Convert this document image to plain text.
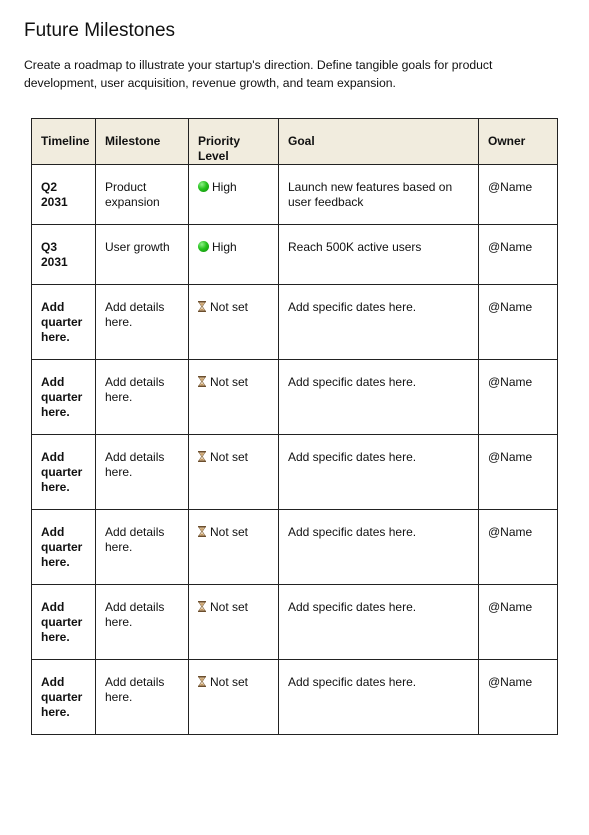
Future Milestones

Create a roadmap to illustrate your startup's direction. Define tangible goals for product development, user acquisition, revenue growth, and team expansion.

Timeline	Milestone	Priority Level	Goal	Owner
Q2 2031	Product expansion	High	Launch new features based on user feedback	@Name
Q3 2031	User growth	High	Reach 500K active users	@Name
Add quarter here.	Add details here.	Not set	Add specific dates here.	@Name
Add quarter here.	Add details here.	Not set	Add specific dates here.	@Name
Add quarter here.	Add details here.	Not set	Add specific dates here.	@Name
Add quarter here.	Add details here.	Not set	Add specific dates here.	@Name
Add quarter here.	Add details here.	Not set	Add specific dates here.	@Name
Add quarter here.	Add details here.	Not set	Add specific dates here.	@Name
